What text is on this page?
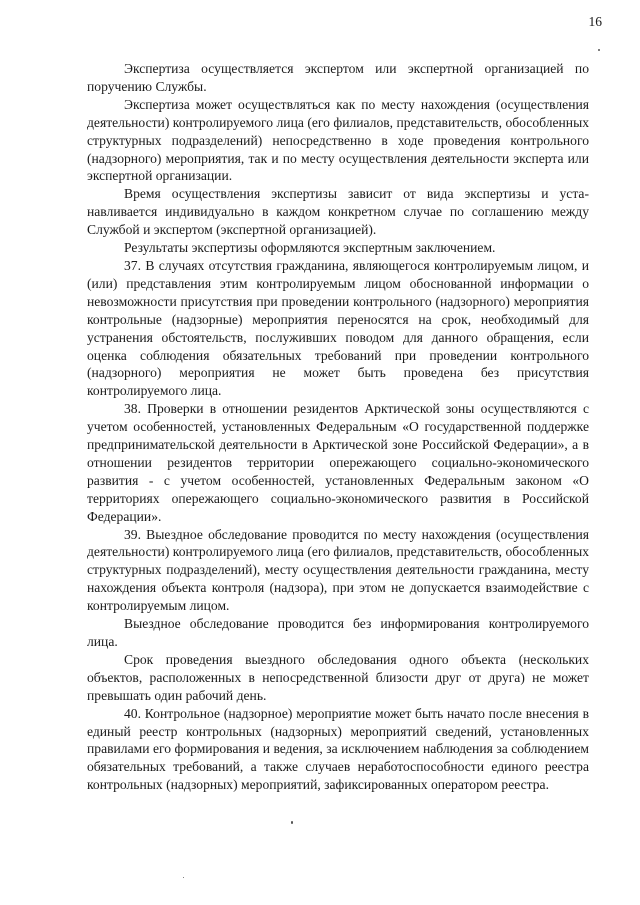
16

Экспертиза осуществляется экспертом или экспертной организацией по поручению Службы.

Экспертиза может осуществляться как по месту нахождения (осуществления деятельности) контролируемого лица (его филиалов, представительств, обособленных структурных подразделений) непосредственно в ходе проведения контрольного (надзорного) мероприятия, так и по месту осуществления деятельности эксперта или экспертной организации.

Время осуществления экспертизы зависит от вида экспертизы и устанавливается индивидуально в каждом конкретном случае по соглашению между Службой и экспертом (экспертной организацией).

Результаты экспертизы оформляются экспертным заключением.

37. В случаях отсутствия гражданина, являющегося контролируемым лицом, и (или) представления этим контролируемым лицом обоснованной информации о невозможности присутствия при проведении контрольного (надзорного) мероприятия контрольные (надзорные) мероприятия переносятся на срок, необходимый для устранения обстоятельств, послуживших поводом для данного обращения, если оценка соблюдения обязательных требований при проведении контрольного (надзорного) мероприятия не может быть проведена без присутствия контролируемого лица.

38. Проверки в отношении резидентов Арктической зоны осуществляются с учетом особенностей, установленных Федеральным «О государственной поддержке предпринимательской деятельности в Арктической зоне Российской Федерации», а в отношении резидентов территории опережающего социально-экономического развития - с учетом особенностей, установленных Федеральным законом «О территориях опережающего социально-экономического развития в Российской Федерации».

39. Выездное обследование проводится по месту нахождения (осуществления деятельности) контролируемого лица (его филиалов, представительств, обособленных структурных подразделений), месту осуществления деятельности гражданина, месту нахождения объекта контроля (надзора), при этом не допускается взаимодействие с контролируемым лицом.

Выездное обследование проводится без информирования контролируемого лица.

Срок проведения выездного обследования одного объекта (нескольких объектов, расположенных в непосредственной близости друг от друга) не может превышать один рабочий день.

40. Контрольное (надзорное) мероприятие может быть начато после внесения в единый реестр контрольных (надзорных) мероприятий сведений, установленных правилами его формирования и ведения, за исключением наблюдения за соблюдением обязательных требований, а также случаев неработоспособности единого реестра контрольных (надзорных) мероприятий, зафиксированных оператором реестра.
